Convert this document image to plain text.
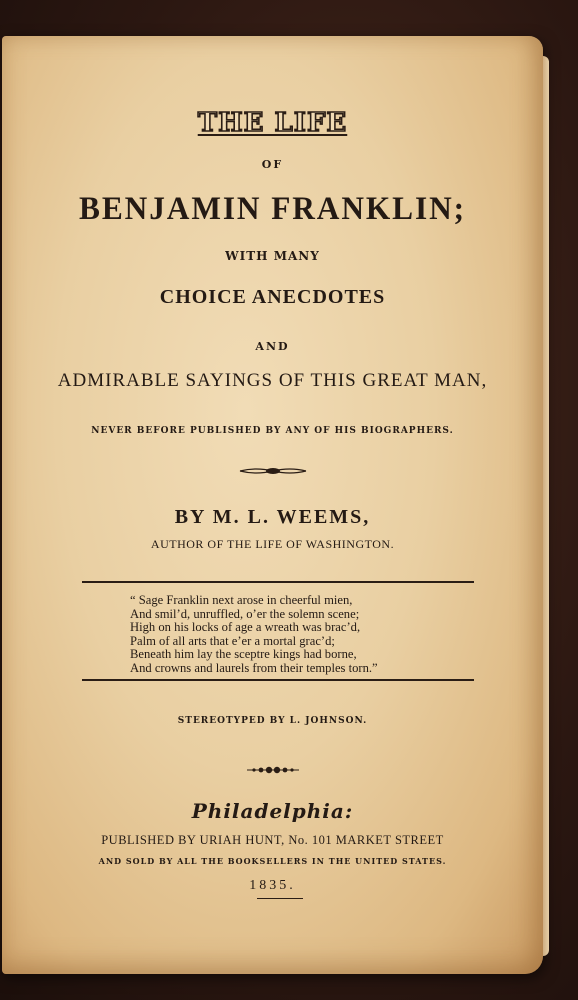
THE LIFE
OF
BENJAMIN FRANKLIN;
WITH MANY
CHOICE ANECDOTES
AND
ADMIRABLE SAYINGS OF THIS GREAT MAN,
NEVER BEFORE PUBLISHED BY ANY OF HIS BIOGRAPHERS.
BY M. L. WEEMS,
AUTHOR OF THE LIFE OF WASHINGTON.
“ Sage Franklin next arose in cheerful mien,
And smil’d, unruffled, o’er the solemn scene;
High on his locks of age a wreath was brac’d,
Palm of all arts that e’er a mortal grac’d;
Beneath him lay the sceptre kings had borne,
And crowns and laurels from their temples torn.”
STEREOTYPED BY L. JOHNSON.
Philadelphia:
PUBLISHED BY URIAH HUNT, No. 101 MARKET STREET
AND SOLD BY ALL THE BOOKSELLERS IN THE UNITED STATES.
1835.
